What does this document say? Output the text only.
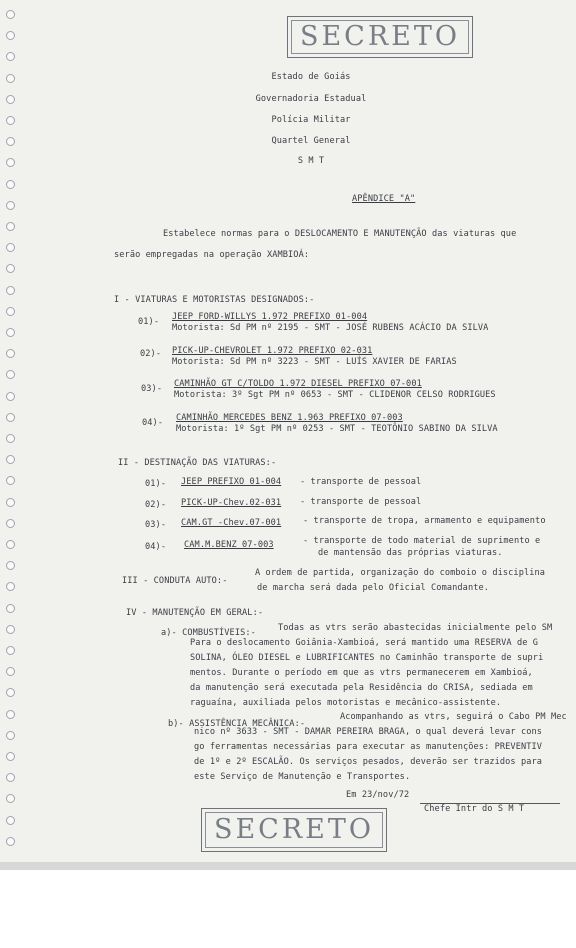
SECRETO
Estado de Goiás
Governadoria Estadual
Polícia Militar
Quartel General
S M T
APÊNDICE "A"
Estabelece normas para o DESLOCAMENTO E MANUTENÇÃO das viaturas que
serão empregadas na operação XAMBIOÁ:
I - VIATURAS E MOTORISTAS DESIGNADOS:-
01)- JEEP FORD-WILLYS 1.972 PREFIXO 01-004
Motorista: Sd PM nº 2195 - SMT - JOSÉ RUBENS ACÁCIO DA SILVA
02)- PICK-UP-CHEVROLET 1.972 PREFIXO 02-031
Motorista: Sd PM nº 3223 - SMT - LUÍS XAVIER DE FARIAS
03)- CAMINHÃO GT C/TOLDO 1.972 DIESEL PREFIXO 07-001
Motorista: 3º Sgt PM nº 0653 - SMT - CLIDENOR CELSO RODRIGUES
04)- CAMINHÃO MERCEDES BENZ 1.963 PREFIXO 07-003
Motorista: 1º Sgt PM nº 0253 - SMT - TEOTÔNIO SABINO DA SILVA
II - DESTINAÇÃO DAS VIATURAS:-
01)- JEEP PREFIXO 01-004 - transporte de pessoal
02)- PICK-UP-Chev.02-031 - transporte de pessoal
03)- CAM.GT -Chev.07-001	- transporte de tropa, armamento e equipamento
04)- CAM.M.BENZ 07-003	- transporte de todo material de suprimento e
de mantensão das próprias viaturas.
III - CONDUTA AUTO:-
A ordem de partida, organização do comboio o disciplina
de marcha será dada pelo Oficial Comandante.
IV - MANUTENÇÃO EM GERAL:-
a)- COMBUSTÍVEIS:-	Todas as vtrs serão abastecidas inicialmente pelo SM
Para o deslocamento Goiânia-Xambioá, será mantido uma RESERVA de G
SOLINA, ÓLEO DIESEL e LUBRIFICANTES no Caminhão transporte de supri
mentos. Durante o período em que as vtrs permanecerem em Xambioá,
da manutenção será executada pela Residência do CRISA, sediada em
raguaína, auxiliada pelos motoristas e mecânico-assistente.
b)- ASSISTÊNCIA MECÂNICA:-
Acompanhando as vtrs, seguirá o Cabo PM Mec
nico nº 3633 - SMT - DAMAR PEREIRA BRAGA, o qual deverá levar cons
go ferramentas necessárias para executar as manutenções: PREVENTIV
de 1º e 2º ESCALÃO. Os serviços pesados, deverão ser trazidos para
este Serviço de Manutenção e Transportes.
Em 23/nov/72
Chefe Intr do S M T
SECRETO
